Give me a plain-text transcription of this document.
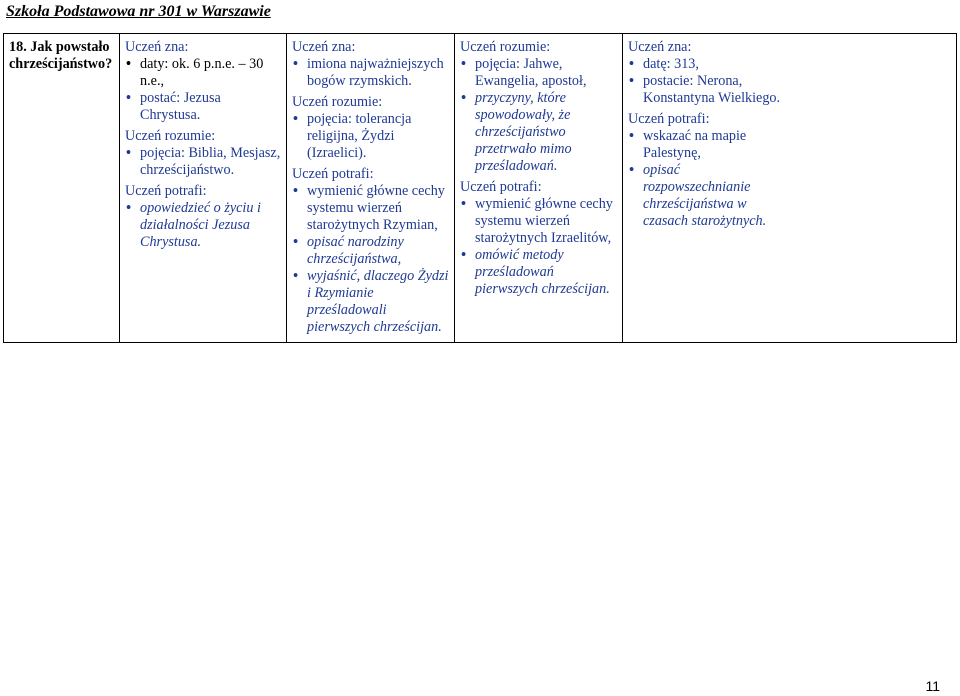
Szkoła Podstawowa nr 301 w Warszawie
18. Jak powstało chrześcijaństwo?	
Uczeń zna:
• daty: ok. 6 p.n.e. – 30 n.e.,
• postać: Jezusa Chrystusa.
Uczeń rozumie:
• pojęcia: Biblia, Mesjasz, chrześcijaństwo.
Uczeń potrafi:
• opowiedzieć o życiu i działalności Jezusa Chrystusa.

Uczeń zna:
• imiona najważniejszych bogów rzymskich.
Uczeń rozumie:
• pojęcia: tolerancja religijna, Żydzi (Izraelici).
Uczeń potrafi:
• wymienić główne cechy systemu wierzeń starożytnych Rzymian,
• opisać narodziny chrześcijaństwa,
• wyjaśnić, dlaczego Żydzi i Rzymianie prześladowali pierwszych chrześcijan.

Uczeń rozumie:
• pojęcia: Jahwe, Ewangelia, apostoł,
• przyczyny, które spowodowały, że chrześcijaństwo przetrwało mimo prześladowań.
Uczeń potrafi:
• wymienić główne cechy systemu wierzeń starożytnych Izraelitów,
• omówić metody prześladowań pierwszych chrześcijan.

Uczeń zna:
• datę: 313,
• postacie: Nerona, Konstantyna Wielkiego.
Uczeń potrafi:
• wskazać na mapie Palestynę,
• opisać rozpowszechnianie chrześcijaństwa w czasach starożytnych.
11
